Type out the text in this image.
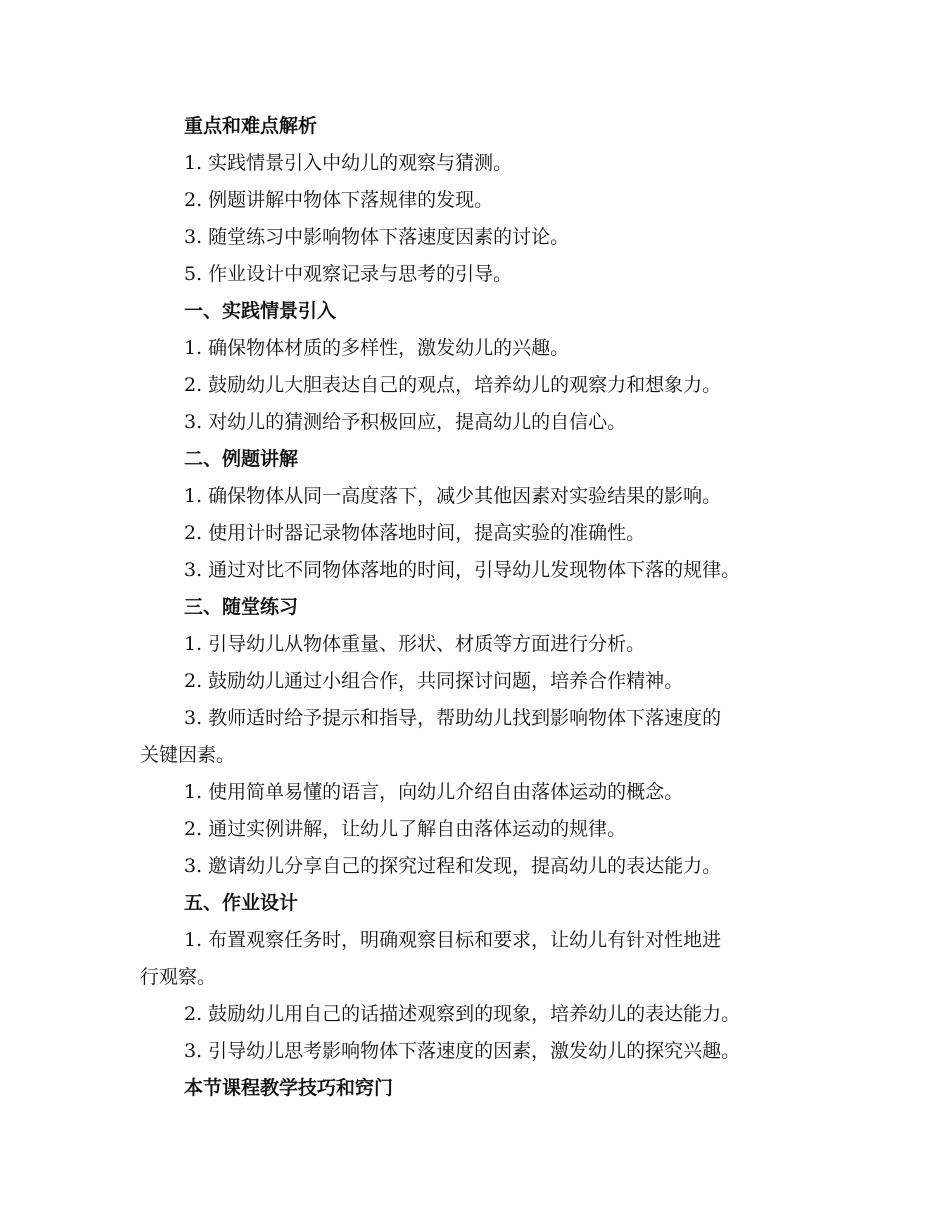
重点和难点解析
1. 实践情景引入中幼儿的观察与猜测。
2. 例题讲解中物体下落规律的发现。
3. 随堂练习中影响物体下落速度因素的讨论。
5. 作业设计中观察记录与思考的引导。
一、实践情景引入
1. 确保物体材质的多样性，激发幼儿的兴趣。
2. 鼓励幼儿大胆表达自己的观点，培养幼儿的观察力和想象力。
3. 对幼儿的猜测给予积极回应，提高幼儿的自信心。
二、例题讲解
1. 确保物体从同一高度落下，减少其他因素对实验结果的影响。
2. 使用计时器记录物体落地时间，提高实验的准确性。
3. 通过对比不同物体落地的时间，引导幼儿发现物体下落的规律。
三、随堂练习
1. 引导幼儿从物体重量、形状、材质等方面进行分析。
2. 鼓励幼儿通过小组合作，共同探讨问题，培养合作精神。
3. 教师适时给予提示和指导，帮助幼儿找到影响物体下落速度的
关键因素。
1. 使用简单易懂的语言，向幼儿介绍自由落体运动的概念。
2. 通过实例讲解，让幼儿了解自由落体运动的规律。
3. 邀请幼儿分享自己的探究过程和发现，提高幼儿的表达能力。
五、作业设计
1. 布置观察任务时，明确观察目标和要求，让幼儿有针对性地进
行观察。
2. 鼓励幼儿用自己的话描述观察到的现象，培养幼儿的表达能力。
3. 引导幼儿思考影响物体下落速度的因素，激发幼儿的探究兴趣。
本节课程教学技巧和窍门
